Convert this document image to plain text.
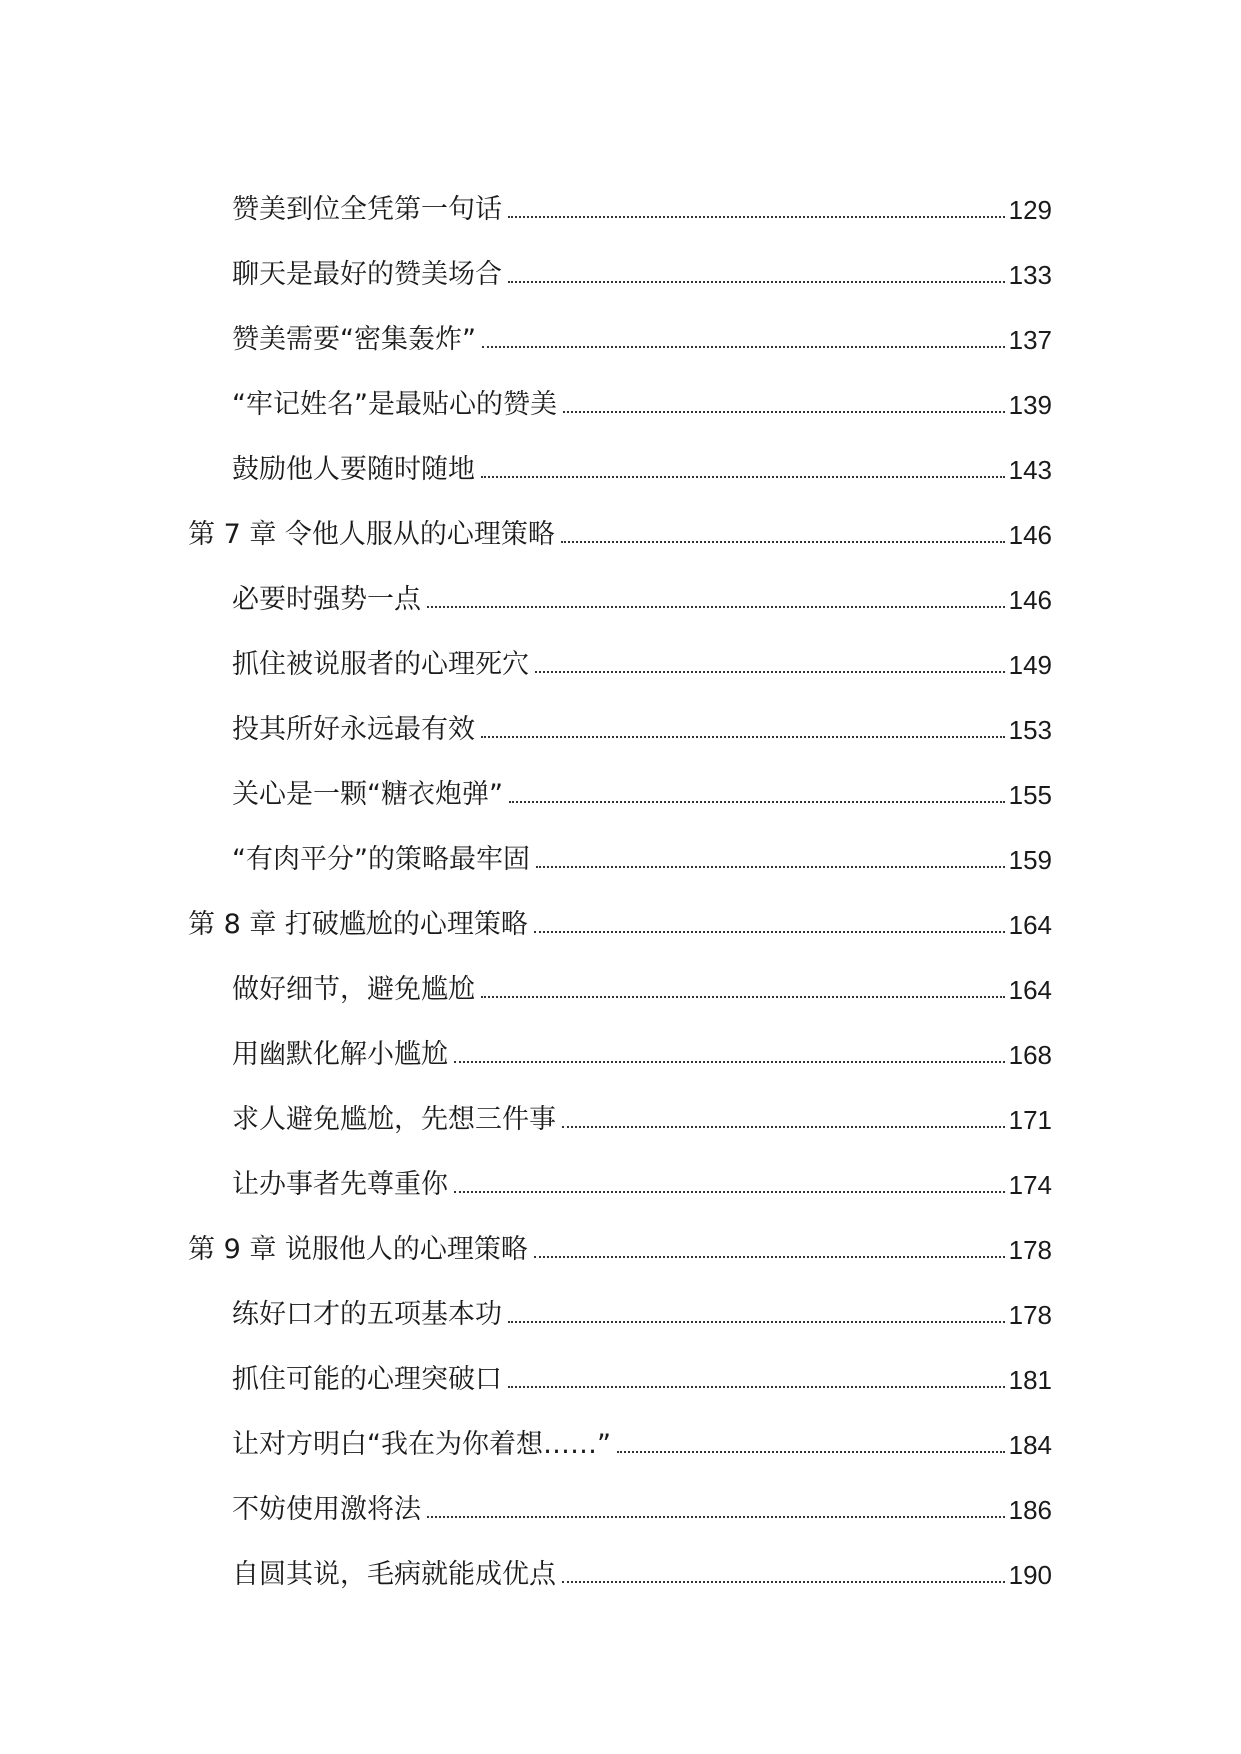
赞美到位全凭第一句话	129
聊天是最好的赞美场合	133
赞美需要“密集轰炸”	137
“牢记姓名”是最贴心的赞美	139
鼓励他人要随时随地	143
第 7 章 令他人服从的心理策略	146
必要时强势一点	146
抓住被说服者的心理死穴	149
投其所好永远最有效	153
关心是一颗“糖衣炮弹”	155
“有肉平分”的策略最牢固	159
第 8 章 打破尴尬的心理策略	164
做好细节，避免尴尬	164
用幽默化解小尴尬	168
求人避免尴尬，先想三件事	171
让办事者先尊重你	174
第 9 章 说服他人的心理策略	178
练好口才的五项基本功	178
抓住可能的心理突破口	181
让对方明白“我在为你着想……”	184
不妨使用激将法	186
自圆其说，毛病就能成优点	190
